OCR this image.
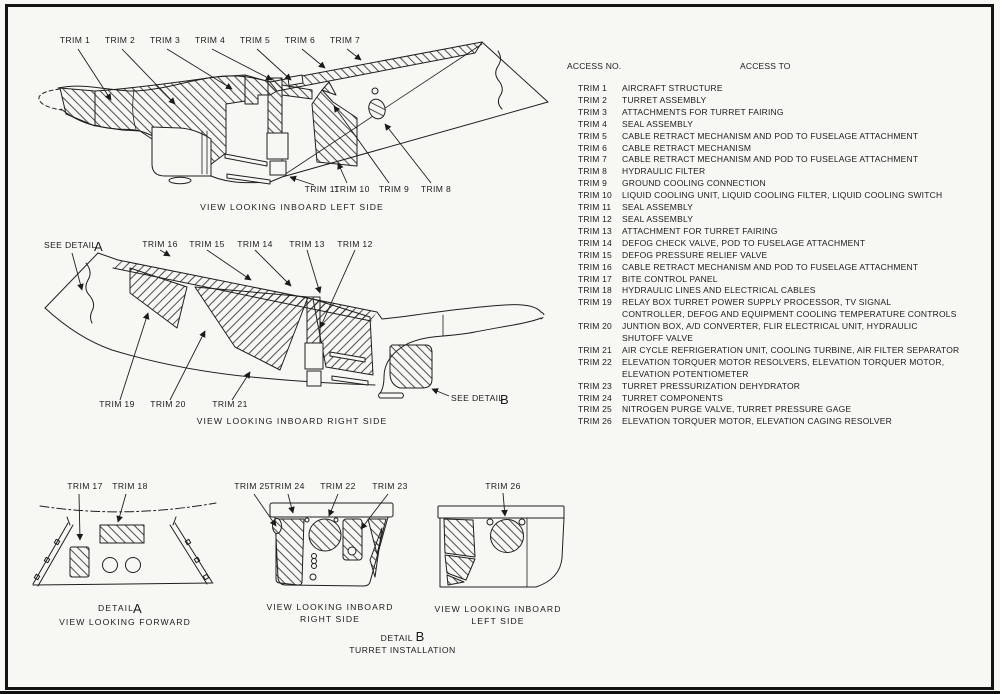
TRIM 1 TRIM 2 TRIM 3 TRIM 4 TRIM 5 TRIM 6 TRIM 7
TRIM 11
TRIM 10 TRIM 9 TRIM 8
VIEW LOOKING INBOARD LEFT SIDE
SEE DETAIL
A	TRIM 16 TRIM 15 TRIM 14 TRIM 13 TRIM 12
TRIM 19 TRIM 20	TRIM 21
SEE DETAIL
B
VIEW LOOKING INBOARD RIGHT SIDE
TRIM 17 TRIM 18
DETAIL
A
VIEW LOOKING FORWARD
TRIM 25 TRIM 24 TRIM 22 TRIM 23
VIEW LOOKING INBOARD
RIGHT SIDE
TRIM 26
VIEW LOOKING INBOARD
LEFT SIDE
DETAIL B
TURRET INSTALLATION
ACCESS NO.	ACCESS TO
TRIM 1	AIRCRAFT STRUCTURE
TRIM 2	TURRET ASSEMBLY
TRIM 3	ATTACHMENTS FOR TURRET FAIRING
TRIM 4	SEAL ASSEMBLY
TRIM 5	CABLE RETRACT MECHANISM AND POD TO FUSELAGE ATTACHMENT
TRIM 6	CABLE RETRACT MECHANISM
TRIM 7	CABLE RETRACT MECHANISM AND POD TO FUSELAGE ATTACHMENT
TRIM 8	HYDRAULIC FILTER
TRIM 9	GROUND COOLING CONNECTION
TRIM 10	LIQUID COOLING UNIT, LIQUID COOLING FILTER, LIQUID COOLING SWITCH
TRIM 11	SEAL ASSEMBLY
TRIM 12	SEAL ASSEMBLY
TRIM 13	ATTACHMENT FOR TURRET FAIRING
TRIM 14	DEFOG CHECK VALVE, POD TO FUSELAGE ATTACHMENT
TRIM 15	DEFOG PRESSURE RELIEF VALVE
TRIM 16	CABLE RETRACT MECHANISM AND POD TO FUSELAGE ATTACHMENT
TRIM 17	BITE CONTROL PANEL
TRIM 18	HYDRAULIC LINES AND ELECTRICAL CABLES
TRIM 19	RELAY BOX TURRET POWER SUPPLY PROCESSOR, TV SIGNAL
CONTROLLER, DEFOG AND EQUIPMENT COOLING TEMPERATURE CONTROLS
TRIM 20	JUNTION BOX, A/D CONVERTER, FLIR ELECTRICAL UNIT, HYDRAULIC
SHUTOFF VALVE
TRIM 21	AIR CYCLE REFRIGERATION UNIT, COOLING TURBINE, AIR FILTER SEPARATOR
TRIM 22	ELEVATION TORQUER MOTOR RESOLVERS, ELEVATION TORQUER MOTOR,
ELEVATION POTENTIOMETER
TRIM 23	TURRET PRESSURIZATION DEHYDRATOR
TRIM 24	TURRET COMPONENTS
TRIM 25	NITROGEN PURGE VALVE, TURRET PRESSURE GAGE
TRIM 26	ELEVATION TORQUER MOTOR, ELEVATION CAGING RESOLVER
